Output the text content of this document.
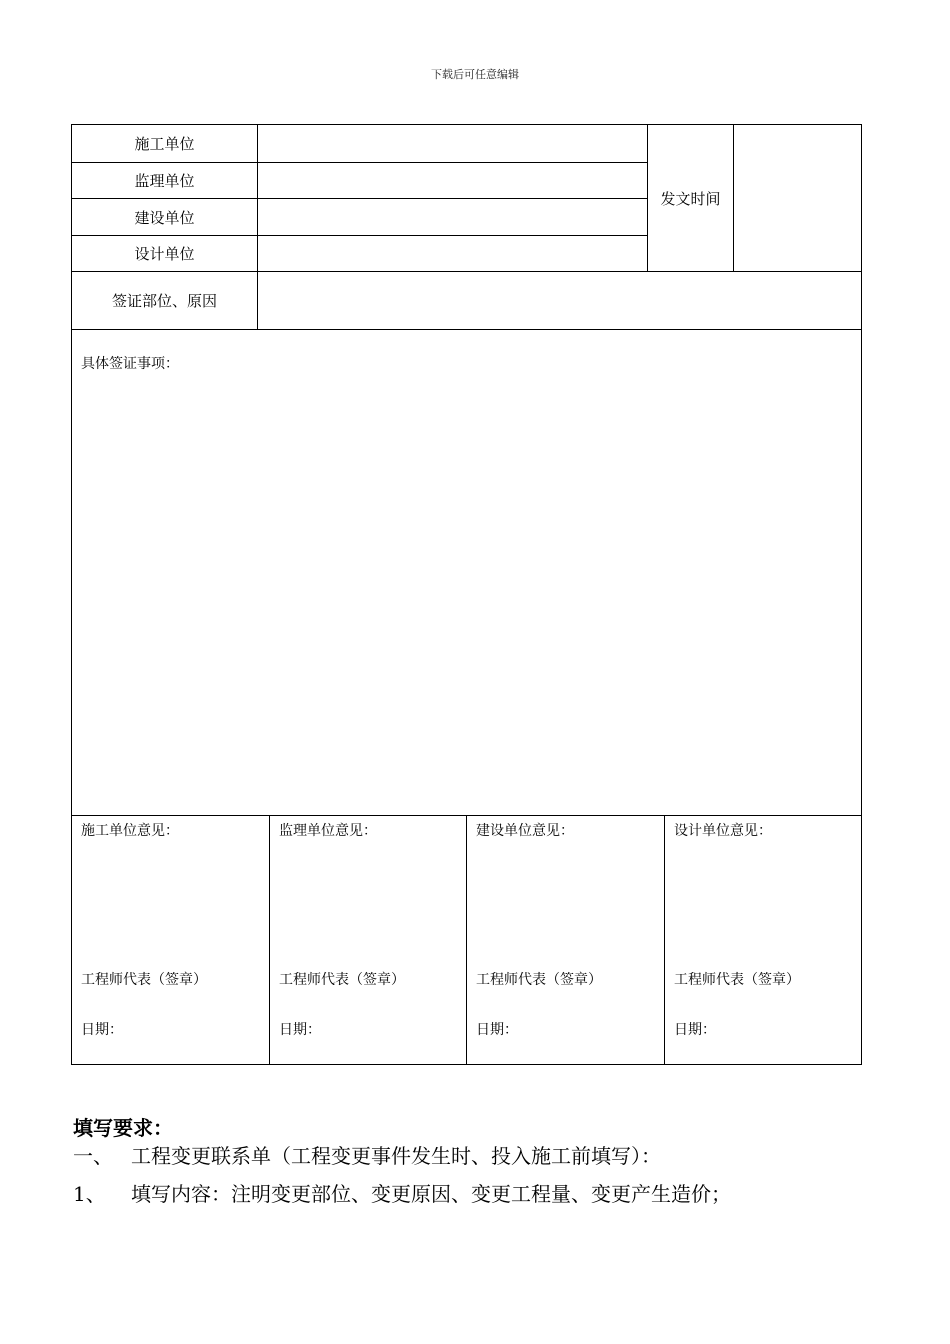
下载后可任意编辑
施工单位
监理单位
建设单位
设计单位
发文时间
签证部位、原因
具体签证事项：
施工单位意见：
工程师代表（签章）
日期：
监理单位意见：
工程师代表（签章）
日期：
建设单位意见：
工程师代表（签章）
日期：
设计单位意见：
工程师代表（签章）
日期：
填写要求：
一、 工程变更联系单（工程变更事件发生时、投入施工前填写）：
1、 填写内容：注明变更部位、变更原因、变更工程量、变更产生造价；
